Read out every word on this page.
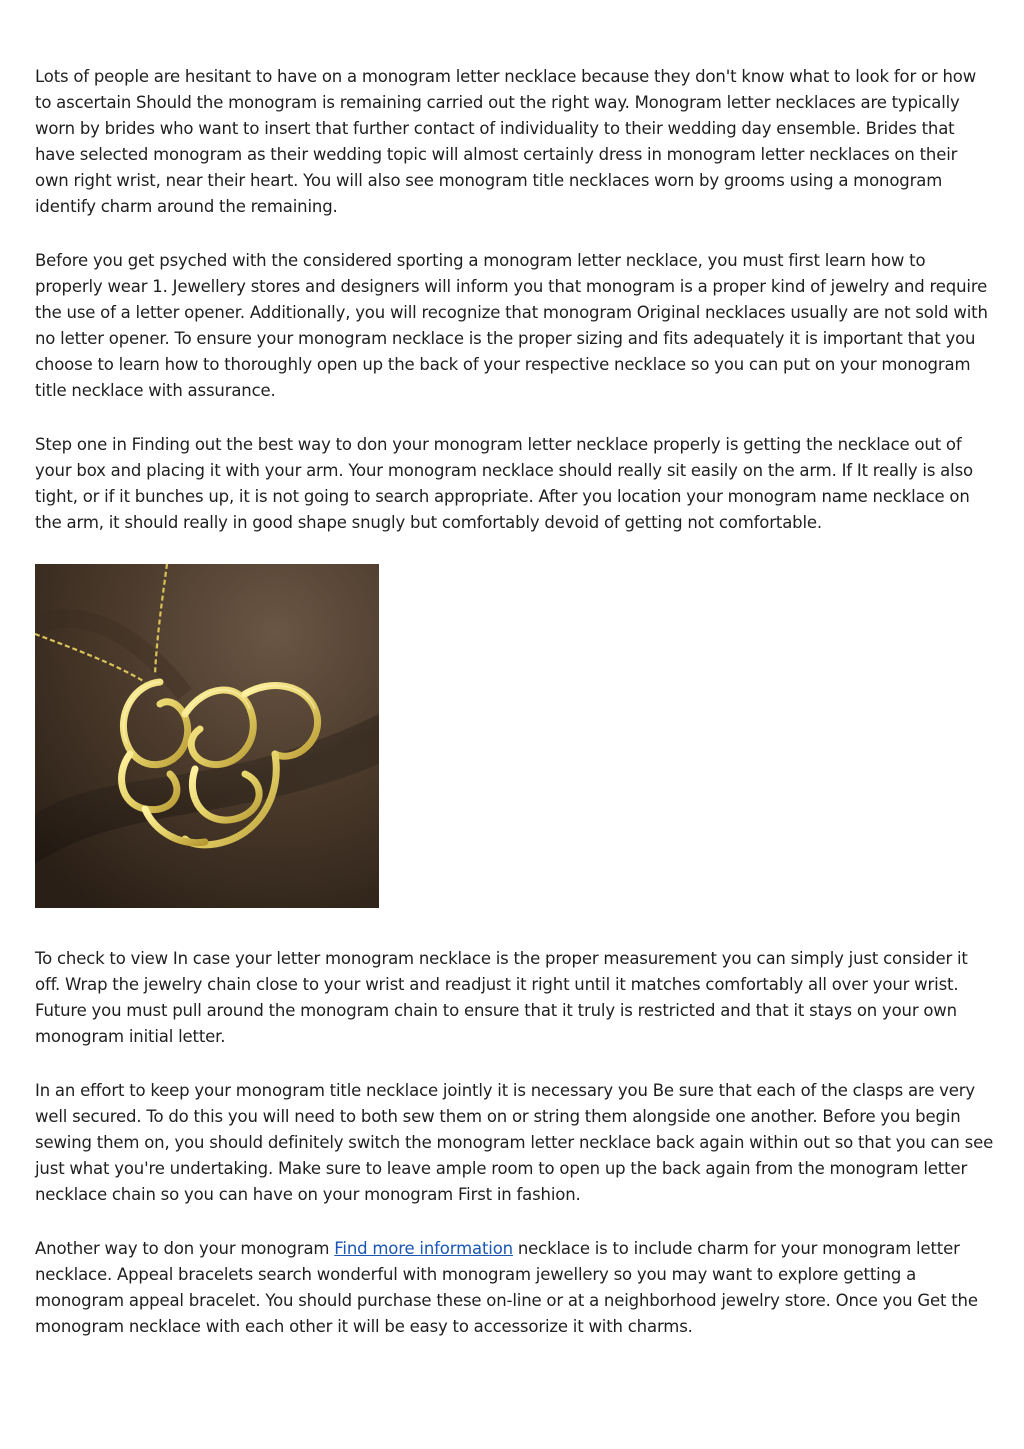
Lots of people are hesitant to have on a monogram letter necklace because they don't know what to look for or how to ascertain Should the monogram is remaining carried out the right way. Monogram letter necklaces are typically worn by brides who want to insert that further contact of individuality to their wedding day ensemble. Brides that have selected monogram as their wedding topic will almost certainly dress in monogram letter necklaces on their own right wrist, near their heart. You will also see monogram title necklaces worn by grooms using a monogram identify charm around the remaining.

Before you get psyched with the considered sporting a monogram letter necklace, you must first learn how to properly wear 1. Jewellery stores and designers will inform you that monogram is a proper kind of jewelry and require the use of a letter opener. Additionally, you will recognize that monogram Original necklaces usually are not sold with no letter opener. To ensure your monogram necklace is the proper sizing and fits adequately it is important that you choose to learn how to thoroughly open up the back of your respective necklace so you can put on your monogram title necklace with assurance.

Step one in Finding out the best way to don your monogram letter necklace properly is getting the necklace out of your box and placing it with your arm. Your monogram necklace should really sit easily on the arm. If It really is also tight, or if it bunches up, it is not going to search appropriate. After you location your monogram name necklace on the arm, it should really in good shape snugly but comfortably devoid of getting not comfortable.

To check to view In case your letter monogram necklace is the proper measurement you can simply just consider it off. Wrap the jewelry chain close to your wrist and readjust it right until it matches comfortably all over your wrist. Future you must pull around the monogram chain to ensure that it truly is restricted and that it stays on your own monogram initial letter.

In an effort to keep your monogram title necklace jointly it is necessary you Be sure that each of the clasps are very well secured. To do this you will need to both sew them on or string them alongside one another. Before you begin sewing them on, you should definitely switch the monogram letter necklace back again within out so that you can see just what you're undertaking. Make sure to leave ample room to open up the back again from the monogram letter necklace chain so you can have on your monogram First in fashion.

Another way to don your monogram Find more information necklace is to include charm for your monogram letter necklace. Appeal bracelets search wonderful with monogram jewellery so you may want to explore getting a monogram appeal bracelet. You should purchase these on-line or at a neighborhood jewelry store. Once you Get the monogram necklace with each other it will be easy to accessorize it with charms.
